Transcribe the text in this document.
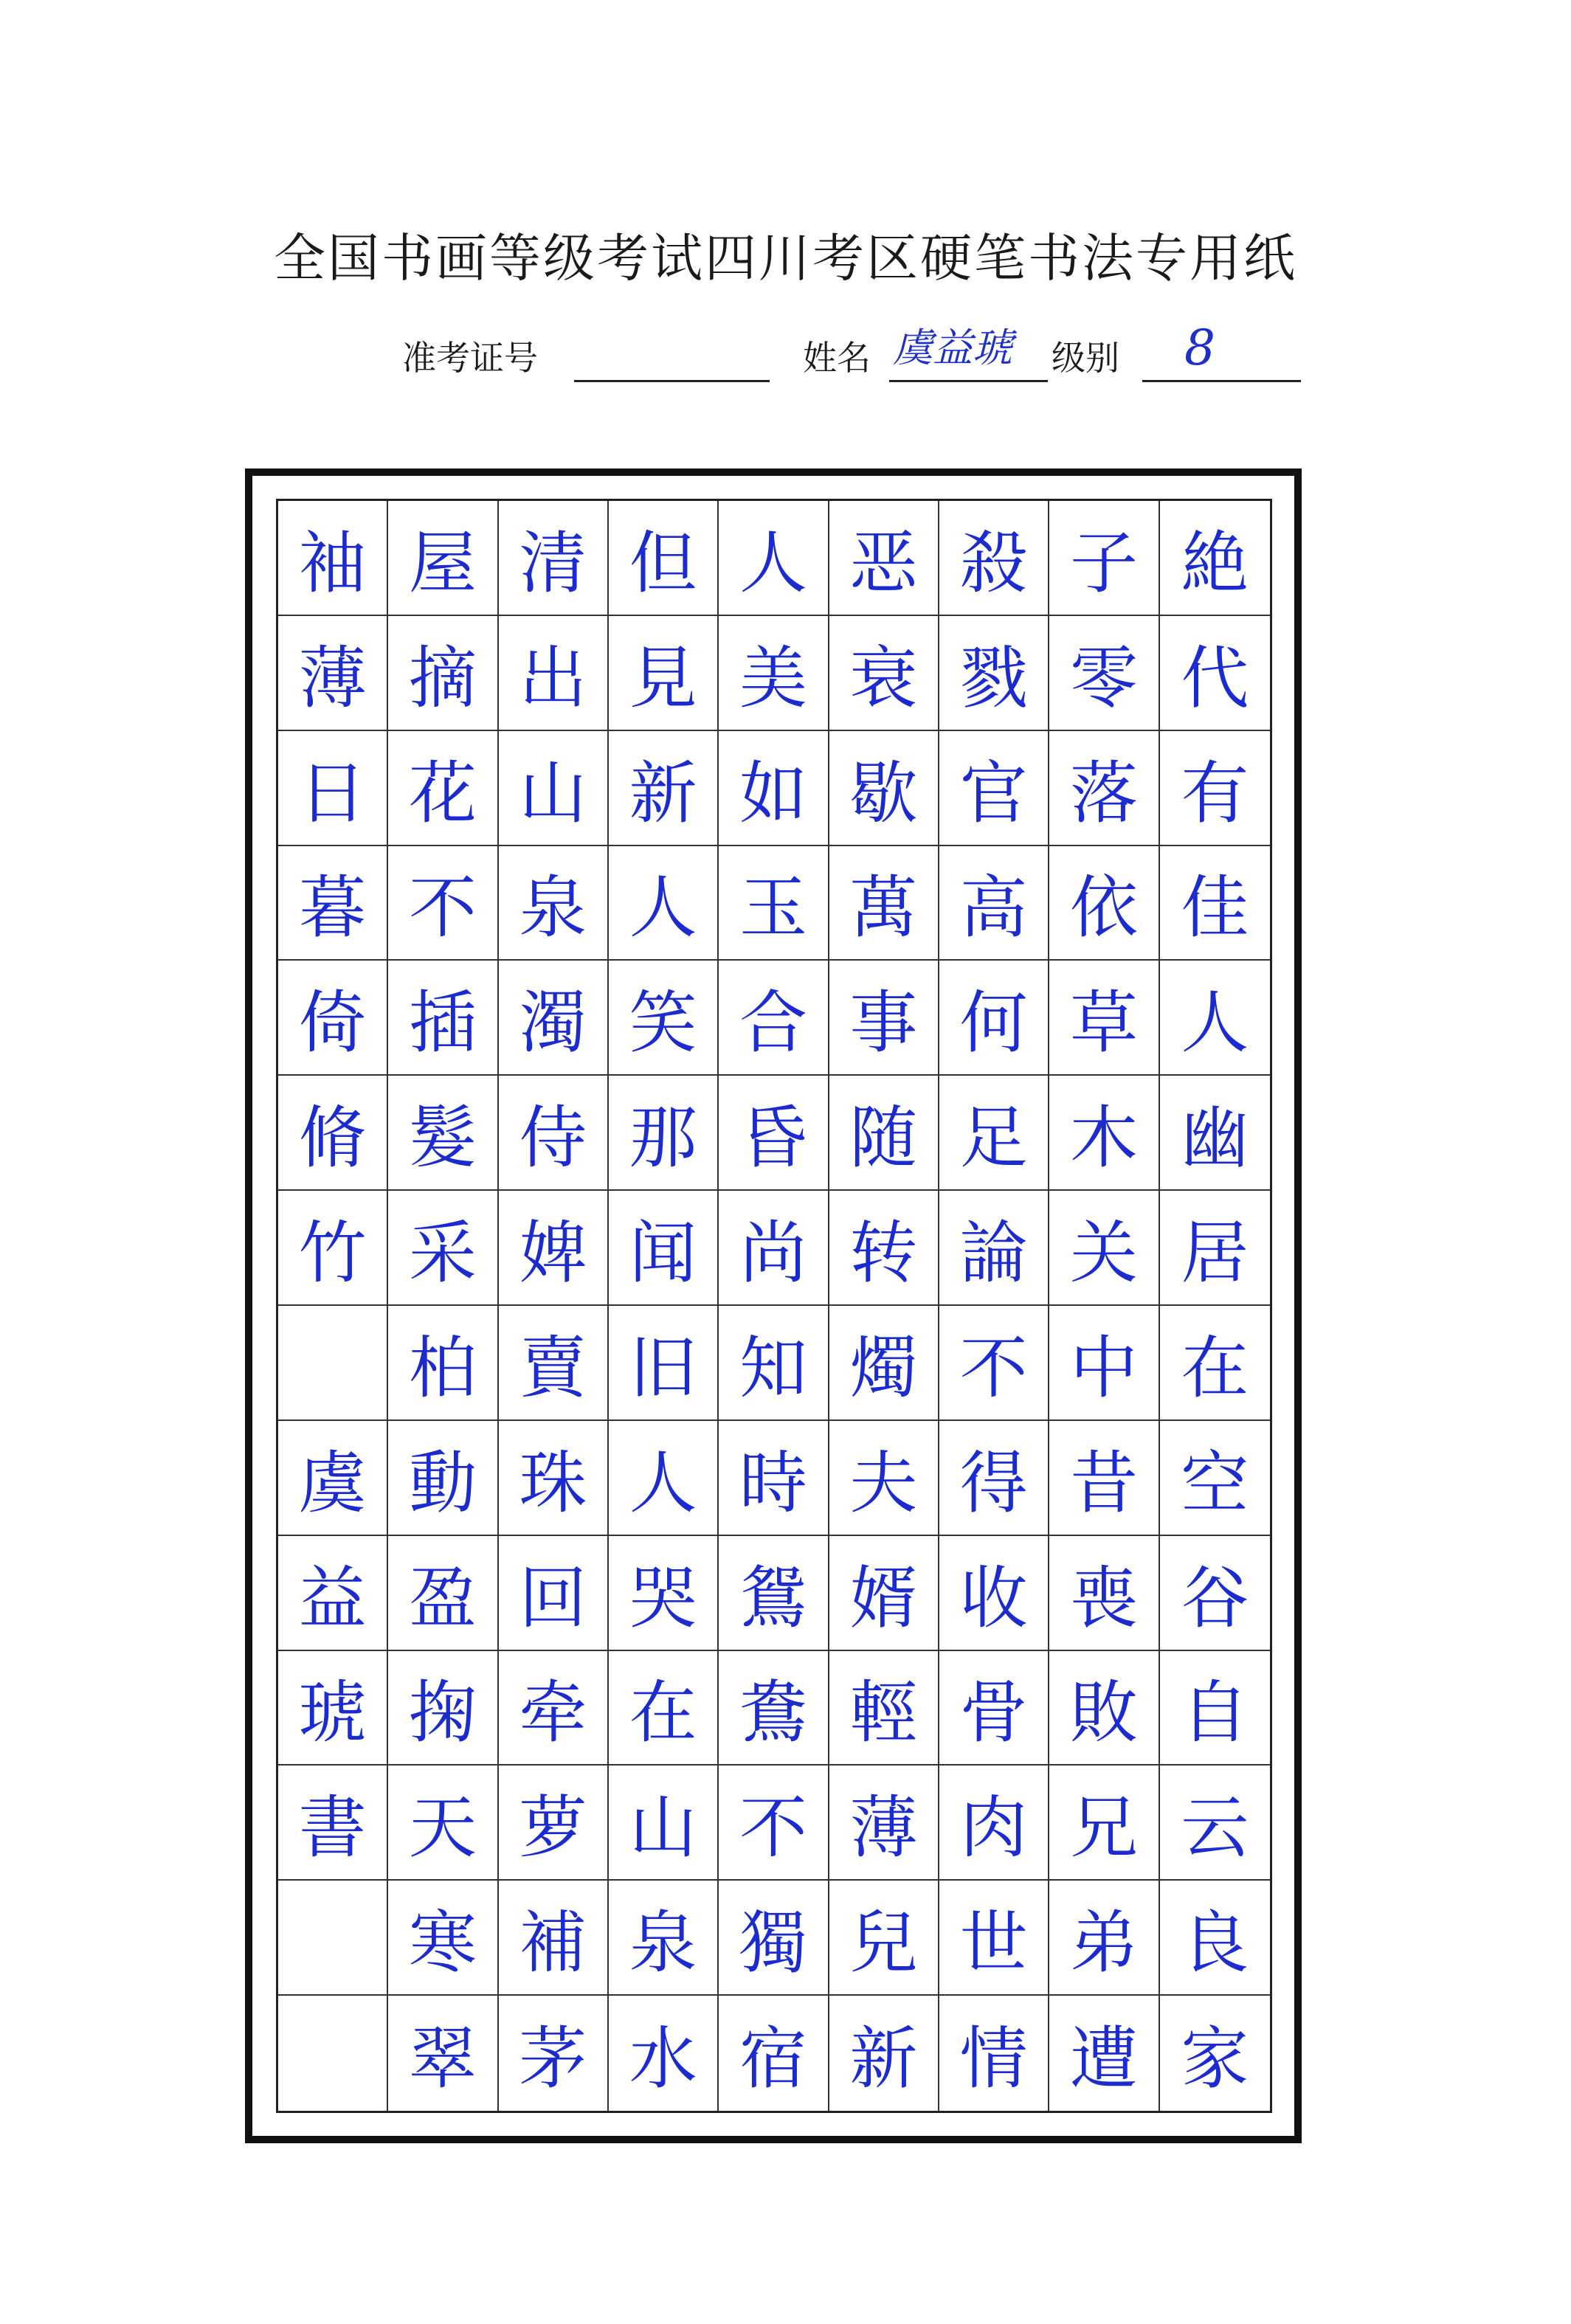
全国书画等级考试四川考区硬笔书法专用纸
准考证号	姓名 虞益琥 级别 8
袖 屋 清 但 人 恶 殺 子 絶
薄 摘 出 見 美 衰 戮 零 代
日 花 山 新 如 歇 官 落 有
暮 不 泉 人 玉 萬 高 依 佳
倚 插 濁 笑 合 事 何 草 人
脩 髮 侍 那 昏 随 足 木 幽
竹 采 婢 闻 尚 转 論 关 居
柏 賣 旧 知 燭 不 中 在
虞 動 珠 人 時 夫 得 昔 空
益 盈 回 哭 鴛 婿 收 喪 谷
琥 掬 牵 在 鴦 輕 骨 敗 自
書 天 萝 山 不 薄 肉 兄 云
寒 補 泉 獨 兒 世 弟 良
翠 茅 水 宿 新 情 遭 家
